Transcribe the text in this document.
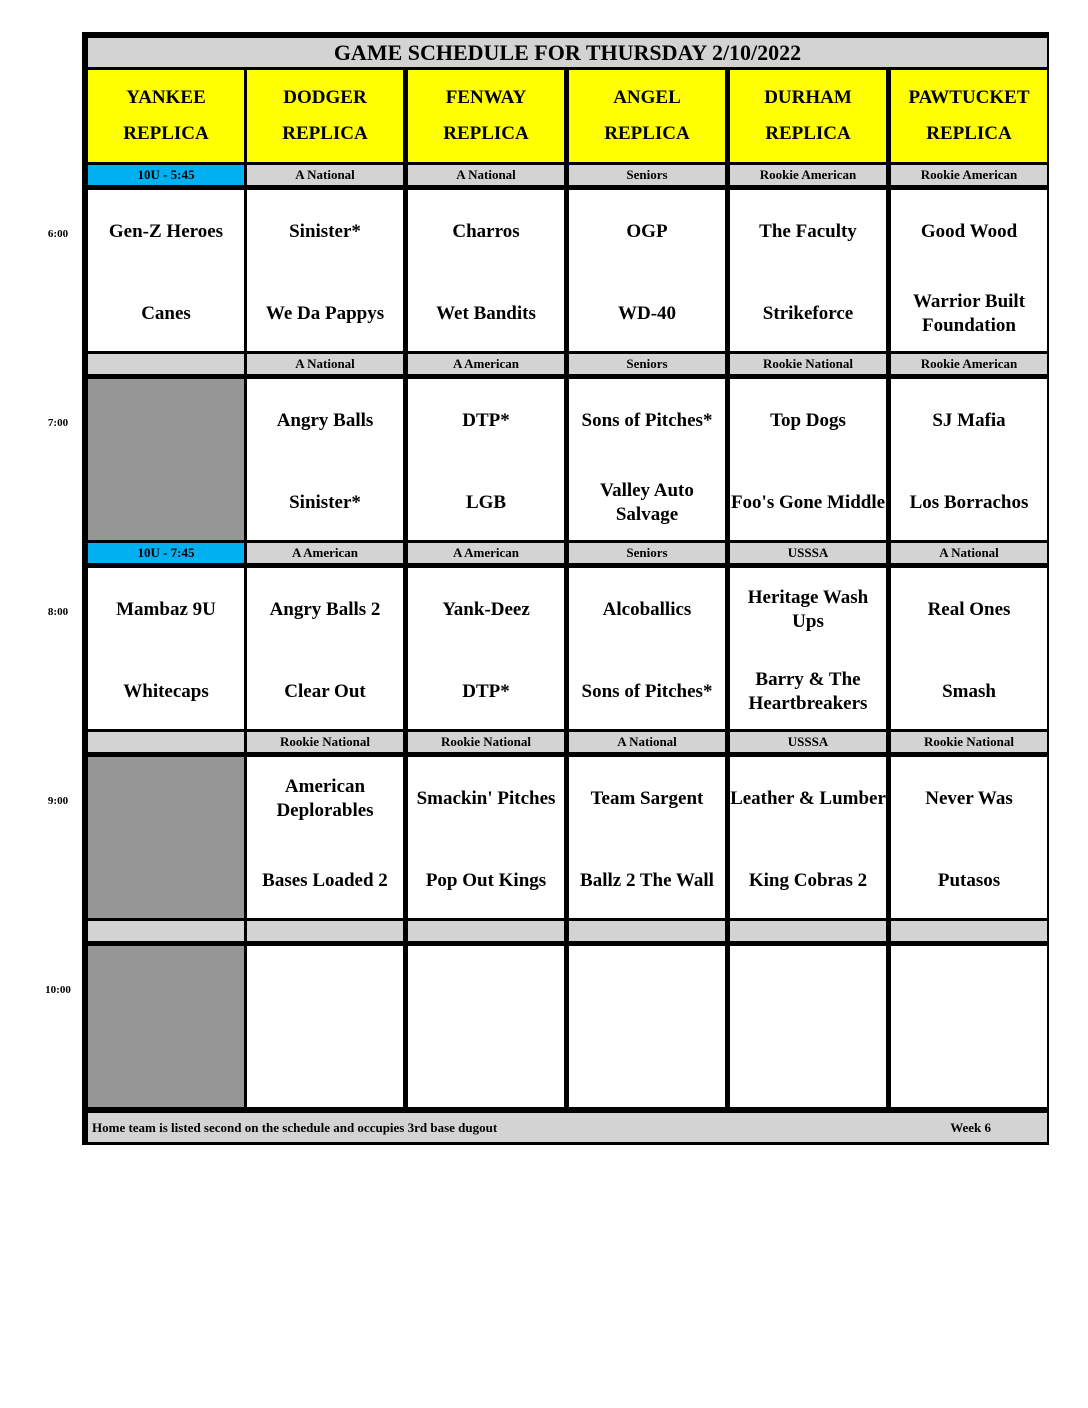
GAME SCHEDULE FOR THURSDAY 2/10/2022
Home team is listed second on the schedule and occupies 3rd base dugout	Week 6
YANKEE
REPLICA
DODGER
REPLICA
FENWAY
REPLICA
ANGEL
REPLICA
DURHAM
REPLICA
PAWTUCKET
REPLICA
10U - 5:45
Gen-Z Heroes
Canes
A National
Sinister*
We Da Pappys
A National
Charros
Wet Bandits
Seniors
OGP
WD-40
Rookie American
The Faculty
Strikeforce
Rookie American
Good Wood
Warrior Built Foundation
A National
Angry Balls
Sinister*
A American
DTP*
LGB
Seniors
Sons of Pitches*
Valley Auto Salvage
Rookie National
Top Dogs
Foo's Gone Middle
Rookie American
SJ Mafia
Los Borrachos
10U - 7:45
Mambaz 9U
Whitecaps
A American
Angry Balls 2
Clear Out
A American
Yank-Deez
DTP*
Seniors
Alcoballics
Sons of Pitches*
USSSA
Heritage Wash Ups
Barry & The Heartbreakers
A National
Real Ones
Smash
Rookie National
American Deplorables
Bases Loaded 2
Rookie National
Smackin' Pitches
Pop Out Kings
A National
Team Sargent
Ballz 2 The Wall
USSSA
Leather & Lumber
King Cobras 2
Rookie National
Never Was
Putasos
6:00
7:00
8:00
9:00
10:00
